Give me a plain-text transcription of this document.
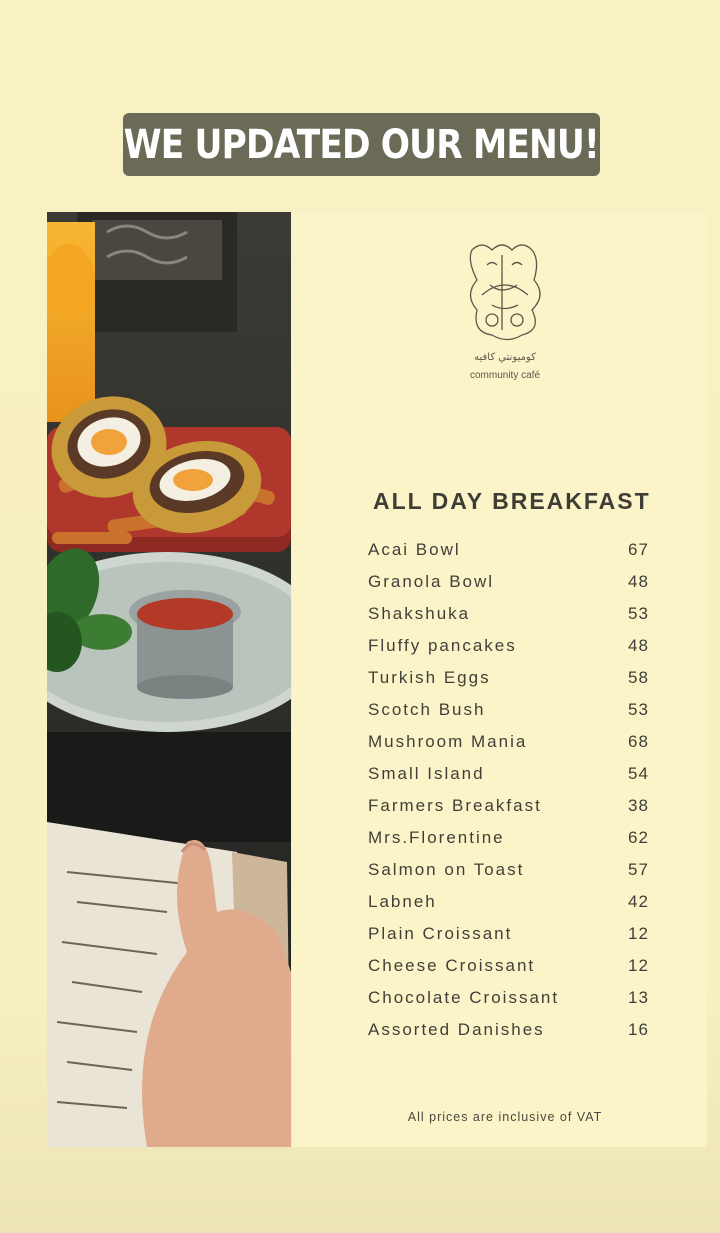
WE UPDATED OUR MENU!
كوميونتي كافيه
community café
ALL DAY BREAKFAST
Acai Bowl	67
Granola Bowl	48
Shakshuka	53
Fluffy pancakes	48
Turkish Eggs	58
Scotch Bush	53
Mushroom Mania	68
Small Island	54
Farmers Breakfast	38
Mrs.Florentine	62
Salmon on Toast	57
Labneh	42
Plain Croissant	12
Cheese Croissant	12
Chocolate Croissant	13
Assorted Danishes	16
All prices are inclusive of VAT
